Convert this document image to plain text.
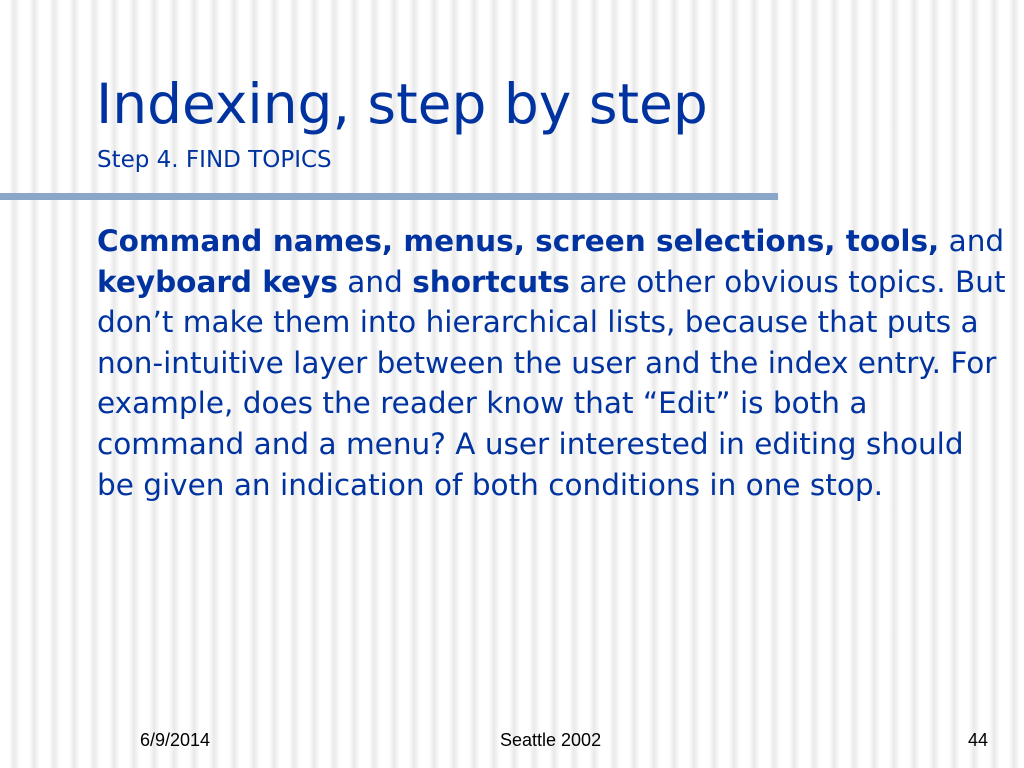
Indexing, step by step
Step 4. FIND TOPICS

Command names, menus, screen selections, tools, and keyboard keys and shortcuts are other obvious topics. But don’t make them into hierarchical lists, because that puts a non-intuitive layer between the user and the index entry. For example, does the reader know that “Edit” is both a command and a menu? A user interested in editing should be given an indication of both conditions in one stop.

6/9/2014	Seattle 2002	44
